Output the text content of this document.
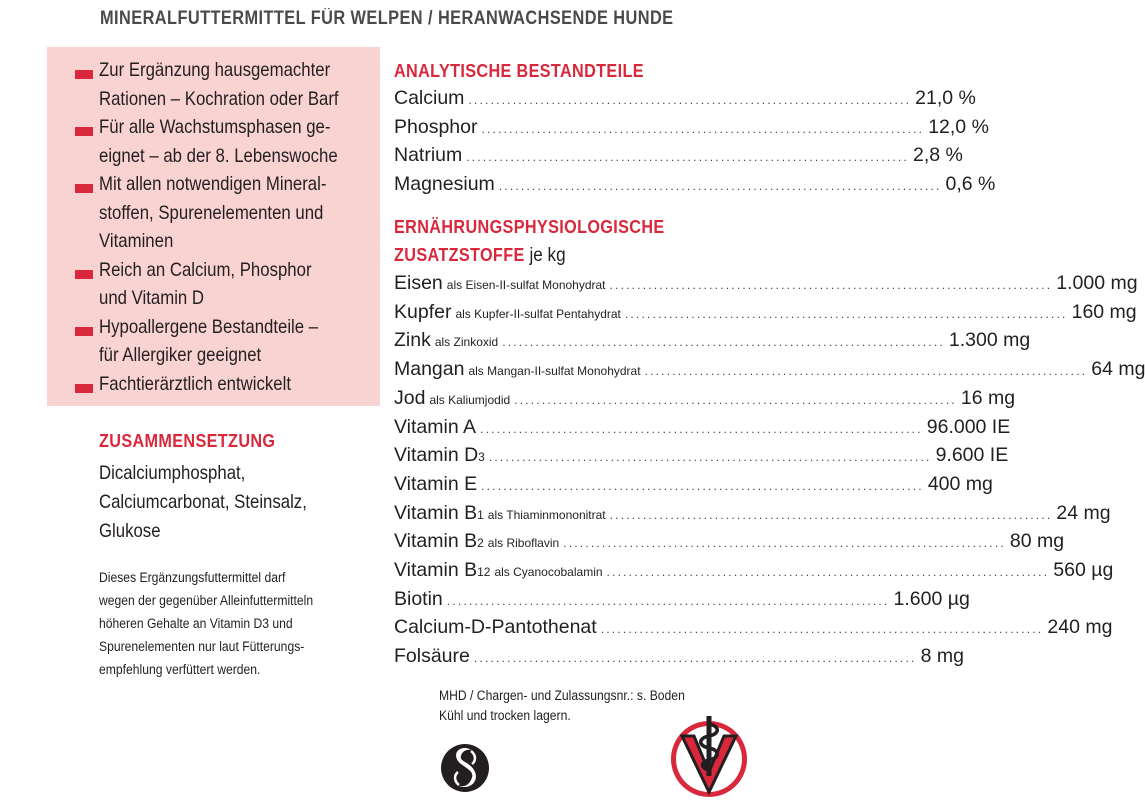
MINERALFUTTERMITTEL FÜR WELPEN / HERANWACHSENDE HUNDE
Zur Ergänzung hausgemachter
Rationen – Kochration oder Barf
Für alle Wachstumsphasen ge-
eignet – ab der 8. Lebenswoche
Mit allen notwendigen Mineral-
stoffen, Spurenelementen und
Vitaminen
Reich an Calcium, Phosphor
und Vitamin D
Hypoallergene Bestandteile –
für Allergiker geeignet
Fachtierärztlich entwickelt
ZUSAMMENSETZUNG
Dicalciumphosphat,
Calciumcarbonat, Steinsalz,
Glukose
Dieses Ergänzungsfuttermittel darf
wegen der gegenüber Alleinfuttermitteln
höheren Gehalte an Vitamin D3 und
Spurenelementen nur laut Fütterungs-
empfehlung verfüttert werden.
ANALYTISCHE BESTANDTEILE
Calcium ................................................................................ 21,0 %
Phosphor ................................................................................ 12,0 %
Natrium ................................................................................ 2,8 %
Magnesium ................................................................................ 0,6 %
ERNÄHRUNGSPHYSIOLOGISCHE
ZUSATZSTOFFE je kg
Eisen als Eisen-II-sulfat Monohydrat ................................................................................ 1.000 mg
Kupfer als Kupfer-II-sulfat Pentahydrat ................................................................................ 160 mg
Zink als Zinkoxid ................................................................................ 1.300 mg
Mangan als Mangan-II-sulfat Monohydrat ................................................................................ 64 mg
Jod als Kaliumjodid ................................................................................ 16 mg
Vitamin A ................................................................................ 96.000 IE
Vitamin D 3 ................................................................................ 9.600 IE
Vitamin E ................................................................................ 400 mg
Vitamin B 1 als Thiaminmononitrat ................................................................................ 24 mg
Vitamin B 2 als Riboflavin ................................................................................ 80 mg
Vitamin B 12 als Cyanocobalamin ................................................................................ 560 µg
Biotin ................................................................................ 1.600 µg
Calcium-D-Pantothenat ................................................................................ 240 mg
Folsäure ................................................................................ 8 mg
MHD / Chargen- und Zulassungsnr.: s. Boden
Kühl und trocken lagern.
